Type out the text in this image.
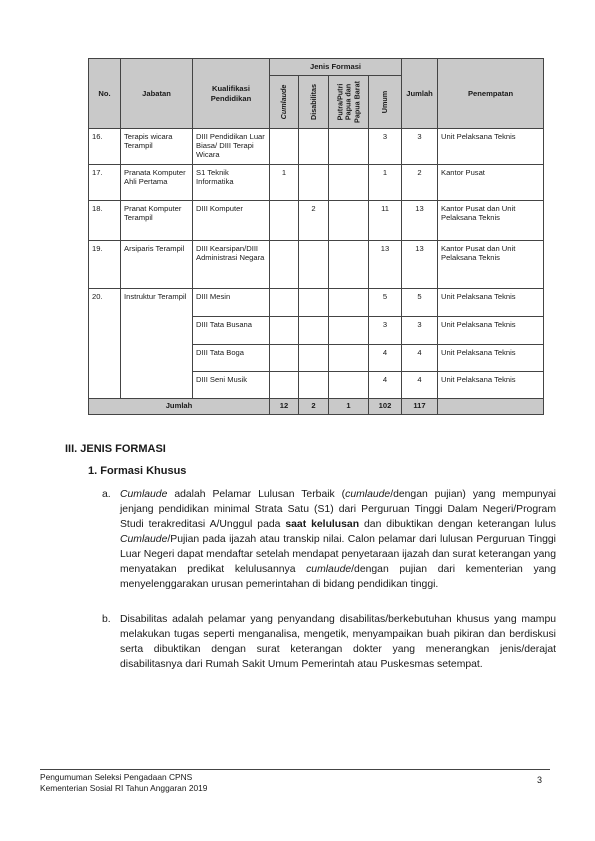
No.	Jabatan	Kualifikasi Pendidikan	Jenis Formasi				Jumlah	Penempatan

			Cumlaude	Disabilitas	Putra/Putri Papua dan Papua Barat	Umum		

16.	Terapis wicara Terampil	DIII Pendidikan Luar Biasa/ DIII Terapi Wicara				3	3	Unit Pelaksana Teknis
17.	Pranata Komputer Ahli Pertama	S1 Teknik Informatika	1			1	2	Kantor Pusat
18.	Pranat Komputer Terampil	DIII Komputer		2		11	13	Kantor Pusat dan Unit Pelaksana Teknis
19.	Arsiparis Terampil	DIII Kearsipan/DIII Administrasi Negara				13	13	Kantor Pusat dan Unit Pelaksana Teknis
20.	Instruktur Terampil	DIII Mesin				5	5	Unit Pelaksana Teknis
		DIII Tata Busana				3	3	Unit Pelaksana Teknis
		DIII Tata Boga				4	4	Unit Pelaksana Teknis
		DIII Seni Musik				4	4	Unit Pelaksana Teknis
Jumlah			12	2	1	102	117	
III. JENIS FORMASI
1. Formasi Khusus
a. Cumlaude adalah Pelamar Lulusan Terbaik (cumlaude/dengan pujian) yang mempunyai jenjang pendidikan minimal Strata Satu (S1) dari Perguruan Tinggi Dalam Negeri/Program Studi terakreditasi A/Unggul pada saat kelulusan dan dibuktikan dengan keterangan lulus Cumlaude/Pujian pada ijazah atau transkip nilai. Calon pelamar dari lulusan Perguruan Tinggi Luar Negeri dapat mendaftar setelah mendapat penyetaraan ijazah dan surat keterangan yang menyatakan predikat kelulusannya cumlaude/dengan pujian dari kementerian yang menyelenggarakan urusan pemerintahan di bidang pendidikan tinggi.
b. Disabilitas adalah pelamar yang penyandang disabilitas/berkebutuhan khusus yang mampu melakukan tugas seperti menganalisa, mengetik, menyampaikan buah pikiran dan berdiskusi serta dibuktikan dengan surat keterangan dokter yang menerangkan jenis/derajat disabilitasnya dari Rumah Sakit Umum Pemerintah atau Puskesmas setempat.
Pengumuman Seleksi Pengadaan CPNS
Kementerian Sosial RI Tahun Anggaran 2019
3
